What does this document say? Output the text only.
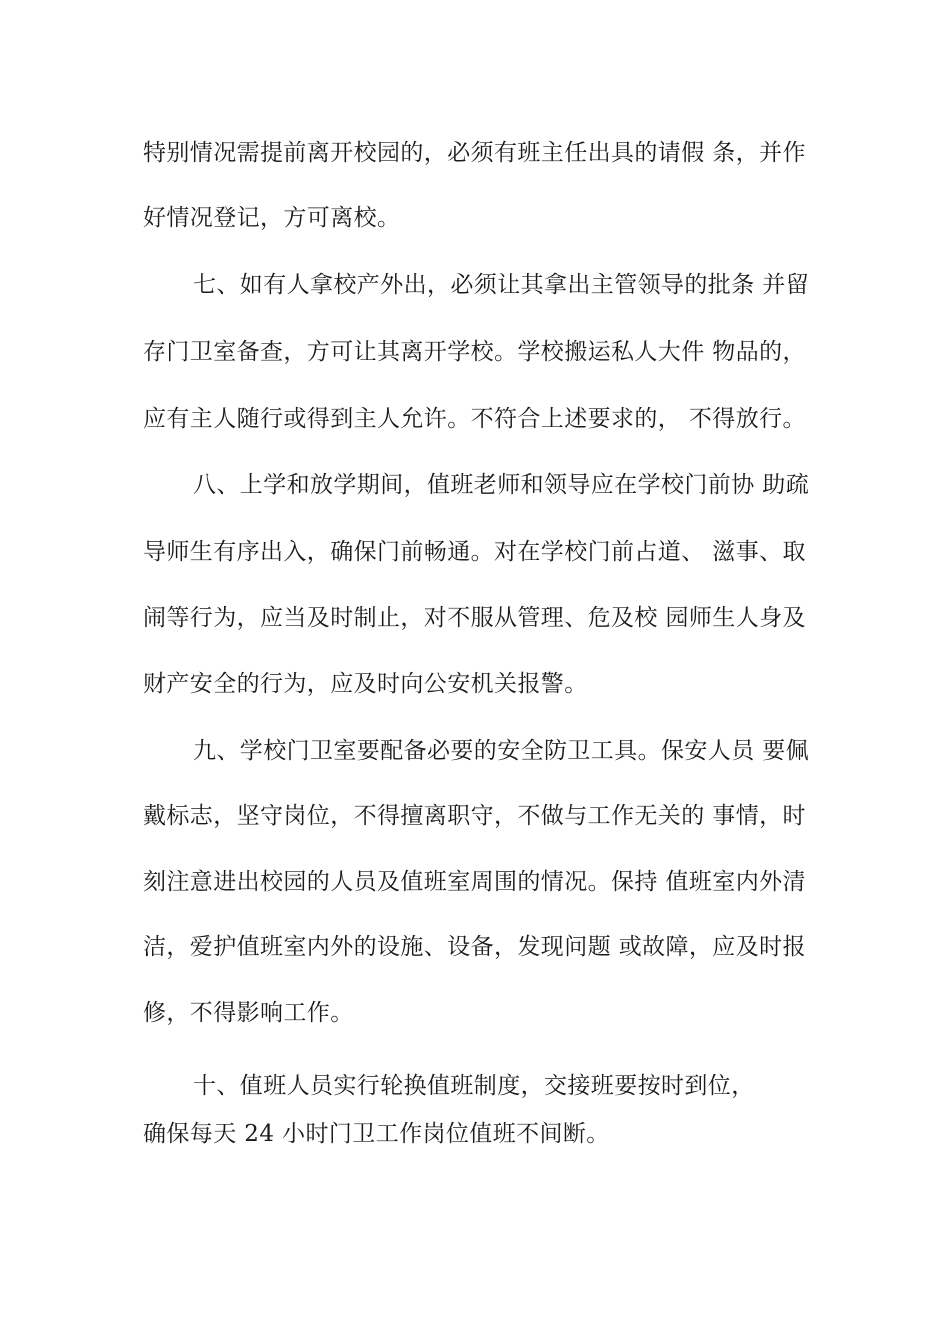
特别情况需提前离开校园的，必须有班主任出具的请假 条，并作
好情况登记，方可离校。
七、如有人拿校产外出，必须让其拿出主管领导的批条 并留
存门卫室备查，方可让其离开学校。学校搬运私人大件 物品的，
应有主人随行或得到主人允许。不符合上述要求的， 不得放行。
八、上学和放学期间，值班老师和领导应在学校门前协 助疏
导师生有序出入，确保门前畅通。对在学校门前占道、 滋事、取
闹等行为，应当及时制止，对不服从管理、危及校 园师生人身及
财产安全的行为，应及时向公安机关报警。
九、学校门卫室要配备必要的安全防卫工具。保安人员 要佩
戴标志，坚守岗位，不得擅离职守，不做与工作无关的 事情，时
刻注意进出校园的人员及值班室周围的情况。保持 值班室内外清
洁，爱护值班室内外的设施、设备，发现问题 或故障，应及时报
修，不得影响工作。
十、值班人员实行轮换值班制度，交接班要按时到位，
确保每天 24 小时门卫工作岗位值班不间断。
